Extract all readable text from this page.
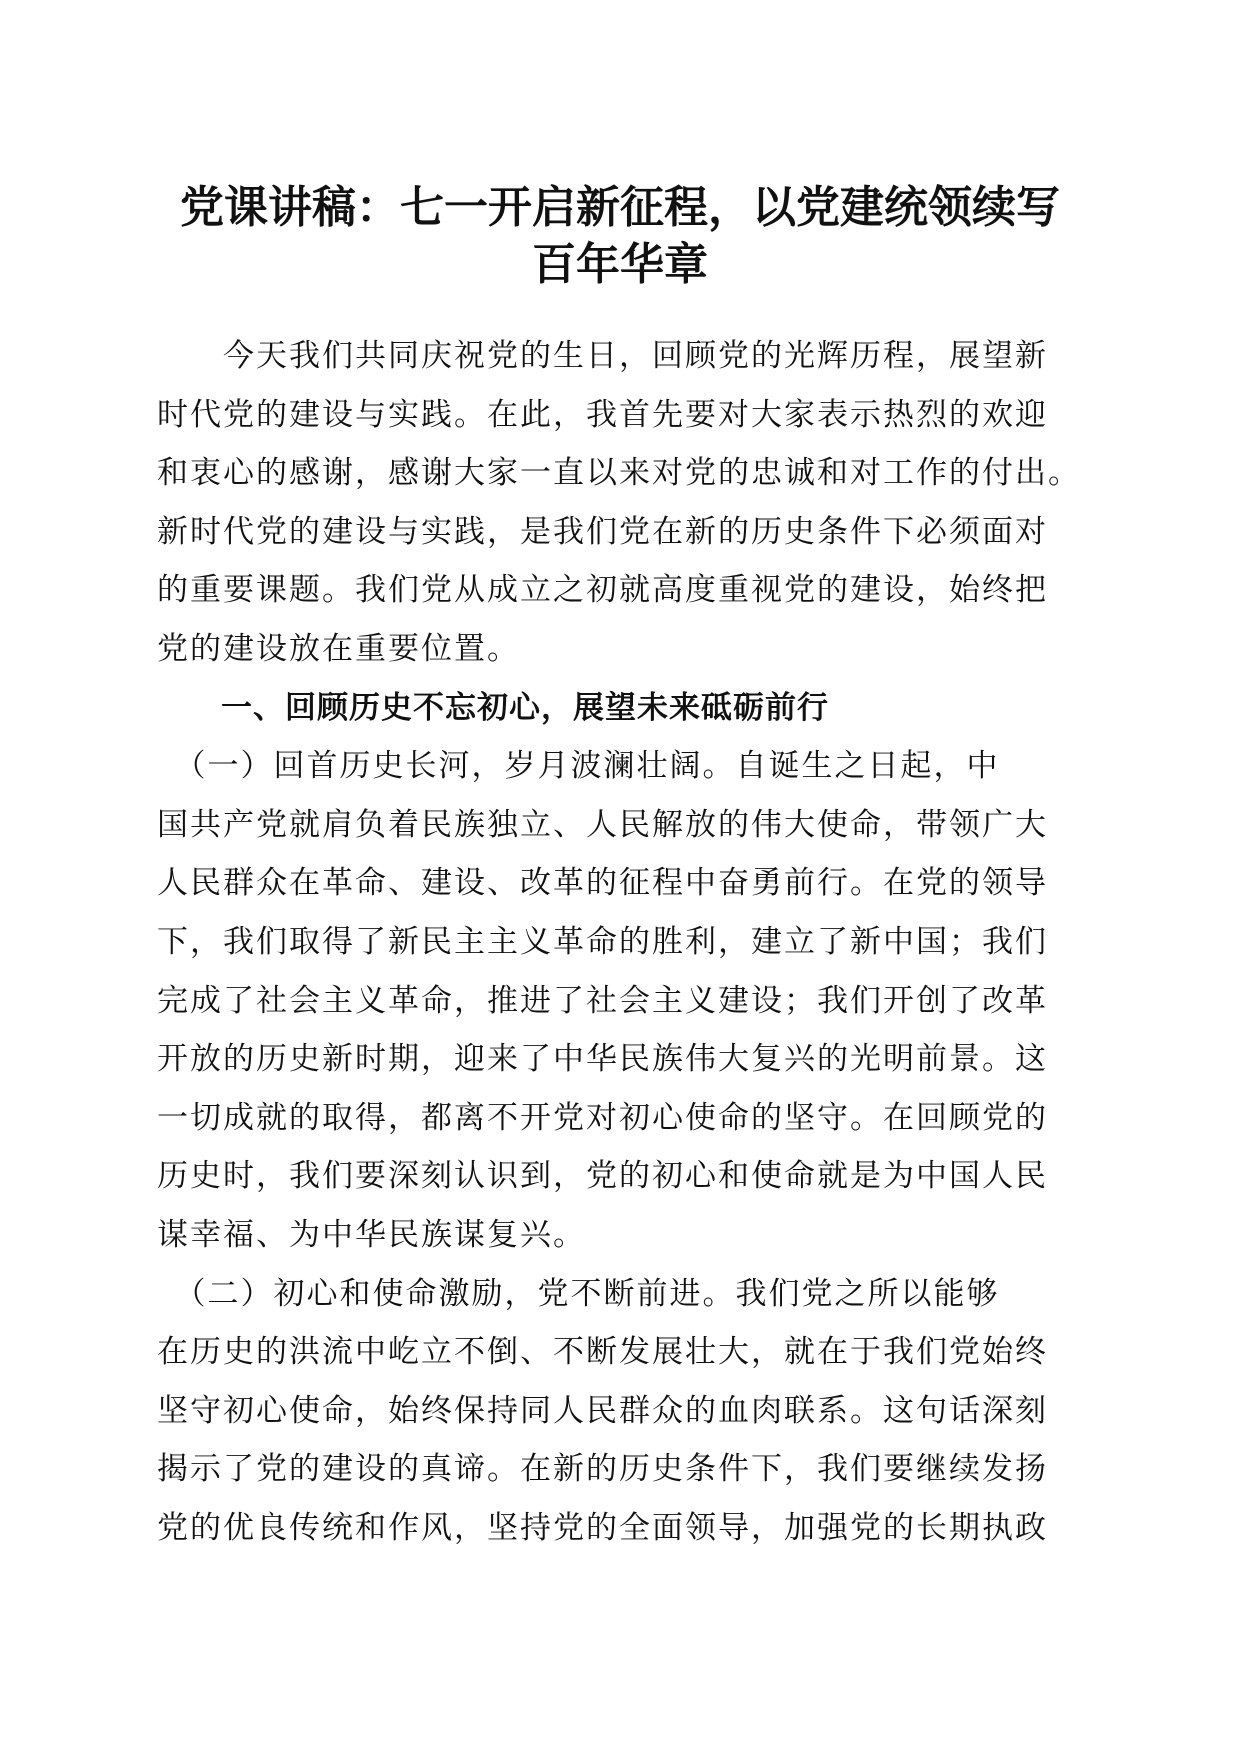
党课讲稿：七一开启新征程，以党建统领续写
百年华章
　　今天我们共同庆祝党的生日，回顾党的光辉历程，展望新
时代党的建设与实践。在此，我首先要对大家表示热烈的欢迎
和衷心的感谢，感谢大家一直以来对党的忠诚和对工作的付出。
新时代党的建设与实践，是我们党在新的历史条件下必须面对
的重要课题。我们党从成立之初就高度重视党的建设，始终把
党的建设放在重要位置。
　　一、回顾历史不忘初心，展望未来砥砺前行
　（一）回首历史长河，岁月波澜壮阔。自诞生之日起，中
国共产党就肩负着民族独立、人民解放的伟大使命，带领广大
人民群众在革命、建设、改革的征程中奋勇前行。在党的领导
下，我们取得了新民主主义革命的胜利，建立了新中国；我们
完成了社会主义革命，推进了社会主义建设；我们开创了改革
开放的历史新时期，迎来了中华民族伟大复兴的光明前景。这
一切成就的取得，都离不开党对初心使命的坚守。在回顾党的
历史时，我们要深刻认识到，党的初心和使命就是为中国人民
谋幸福、为中华民族谋复兴。
　（二）初心和使命激励，党不断前进。我们党之所以能够
在历史的洪流中屹立不倒、不断发展壮大，就在于我们党始终
坚守初心使命，始终保持同人民群众的血肉联系。这句话深刻
揭示了党的建设的真谛。在新的历史条件下，我们要继续发扬
党的优良传统和作风，坚持党的全面领导，加强党的长期执政
